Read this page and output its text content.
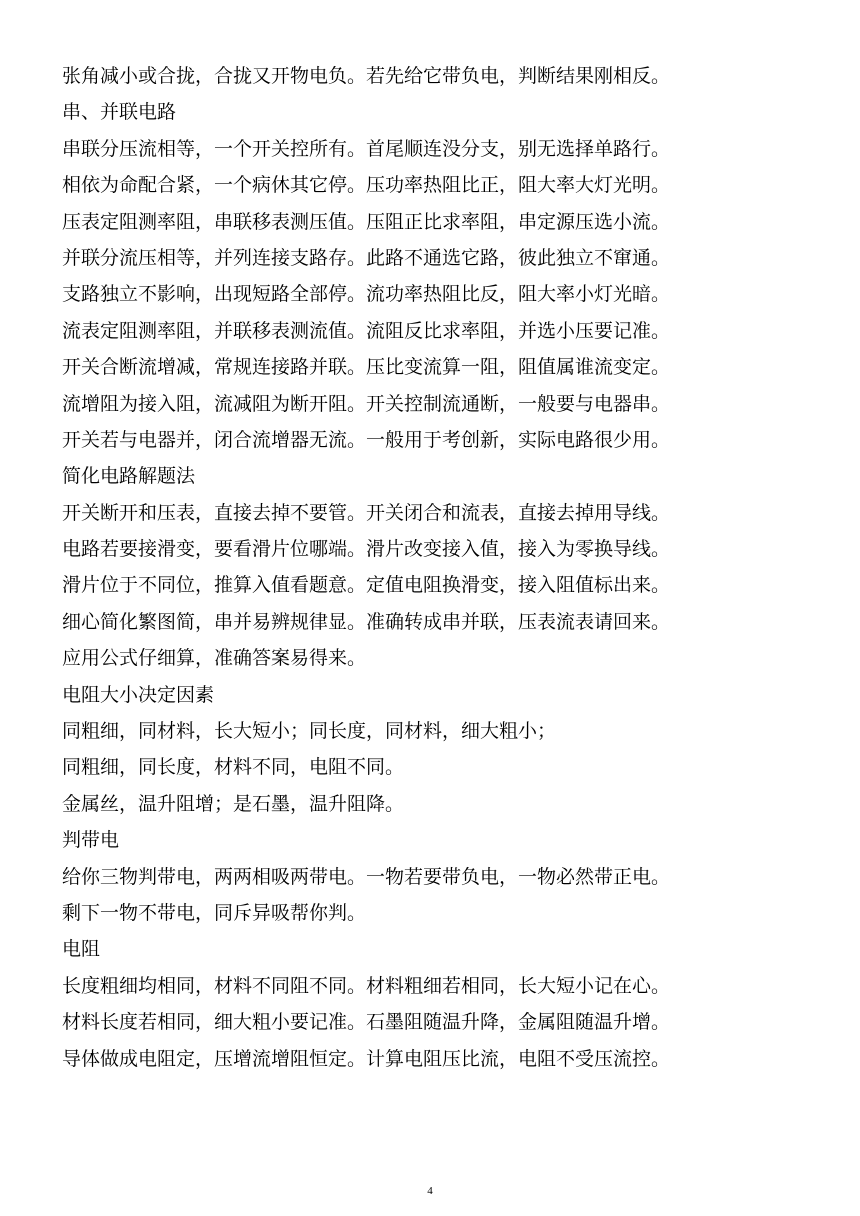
张角减小或合拢，合拢又开物电负。若先给它带负电，判断结果刚相反。
串、并联电路
串联分压流相等，一个开关控所有。首尾顺连没分支，别无选择单路行。
相依为命配合紧，一个病休其它停。压功率热阻比正，阻大率大灯光明。
压表定阻测率阻，串联移表测压值。压阻正比求率阻，串定源压选小流。
并联分流压相等，并列连接支路存。此路不通选它路，彼此独立不窜通。
支路独立不影响，出现短路全部停。流功率热阻比反，阻大率小灯光暗。
流表定阻测率阻，并联移表测流值。流阻反比求率阻，并选小压要记准。
开关合断流增减，常规连接路并联。压比变流算一阻，阻值属谁流变定。
流增阻为接入阻，流减阻为断开阻。开关控制流通断，一般要与电器串。
开关若与电器并，闭合流增器无流。一般用于考创新，实际电路很少用。
简化电路解题法
开关断开和压表，直接去掉不要管。开关闭合和流表，直接去掉用导线。
电路若要接滑变，要看滑片位哪端。滑片改变接入值，接入为零换导线。
滑片位于不同位，推算入值看题意。定值电阻换滑变，接入阻值标出来。
细心简化繁图简，串并易辨规律显。准确转成串并联，压表流表请回来。
应用公式仔细算，准确答案易得来。
电阻大小决定因素
同粗细，同材料，长大短小；同长度，同材料，细大粗小；
同粗细，同长度，材料不同，电阻不同。
金属丝，温升阻增；是石墨，温升阻降。
判带电
给你三物判带电，两两相吸两带电。一物若要带负电，一物必然带正电。
剩下一物不带电，同斥异吸帮你判。
电阻
长度粗细均相同，材料不同阻不同。材料粗细若相同，长大短小记在心。
材料长度若相同，细大粗小要记准。石墨阻随温升降，金属阻随温升增。
导体做成电阻定，压增流增阻恒定。计算电阻压比流，电阻不受压流控。
4
